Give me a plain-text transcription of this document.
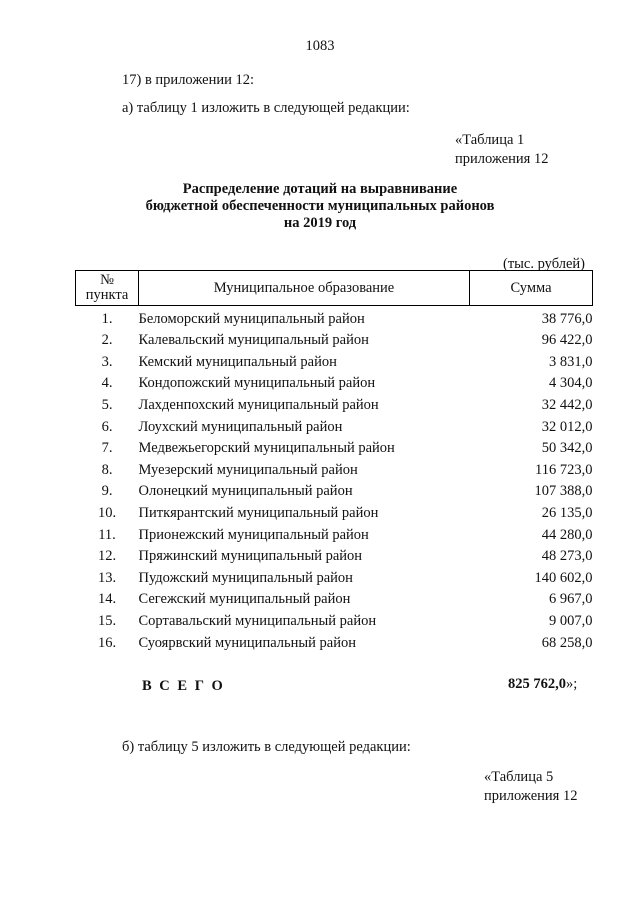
1083
17) в приложении 12:
а) таблицу 1 изложить в следующей редакции:
«Таблица 1
приложения 12
Распределение дотаций на выравнивание
бюджетной обеспеченности муниципальных районов
на 2019 год
(тыс. рублей)
№
пункта	Муниципальное образование	Сумма
1.	Беломорский муниципальный район	38 776,0
2.	Калевальский муниципальный район	96 422,0
3.	Кемский муниципальный район	3 831,0
4.	Кондопожский муниципальный район	4 304,0
5.	Лахденпохский муниципальный район	32 442,0
6.	Лоухский муниципальный район	32 012,0
7.	Медвежьегорский муниципальный район	50 342,0
8.	Муезерский муниципальный район	116 723,0
9.	Олонецкий муниципальный район	107 388,0
10.	Питкярантский муниципальный район	26 135,0
11.	Прионежский муниципальный район	44 280,0
12.	Пряжинский муниципальный район	48 273,0
13.	Пудожский муниципальный район	140 602,0
14.	Сегежский муниципальный район	6 967,0
15.	Сортавальский муниципальный район	9 007,0
16.	Суоярвский муниципальный район	68 258,0
В С Е Г О	825 762,0»;
б) таблицу 5 изложить в следующей редакции:
«Таблица 5
приложения 12
